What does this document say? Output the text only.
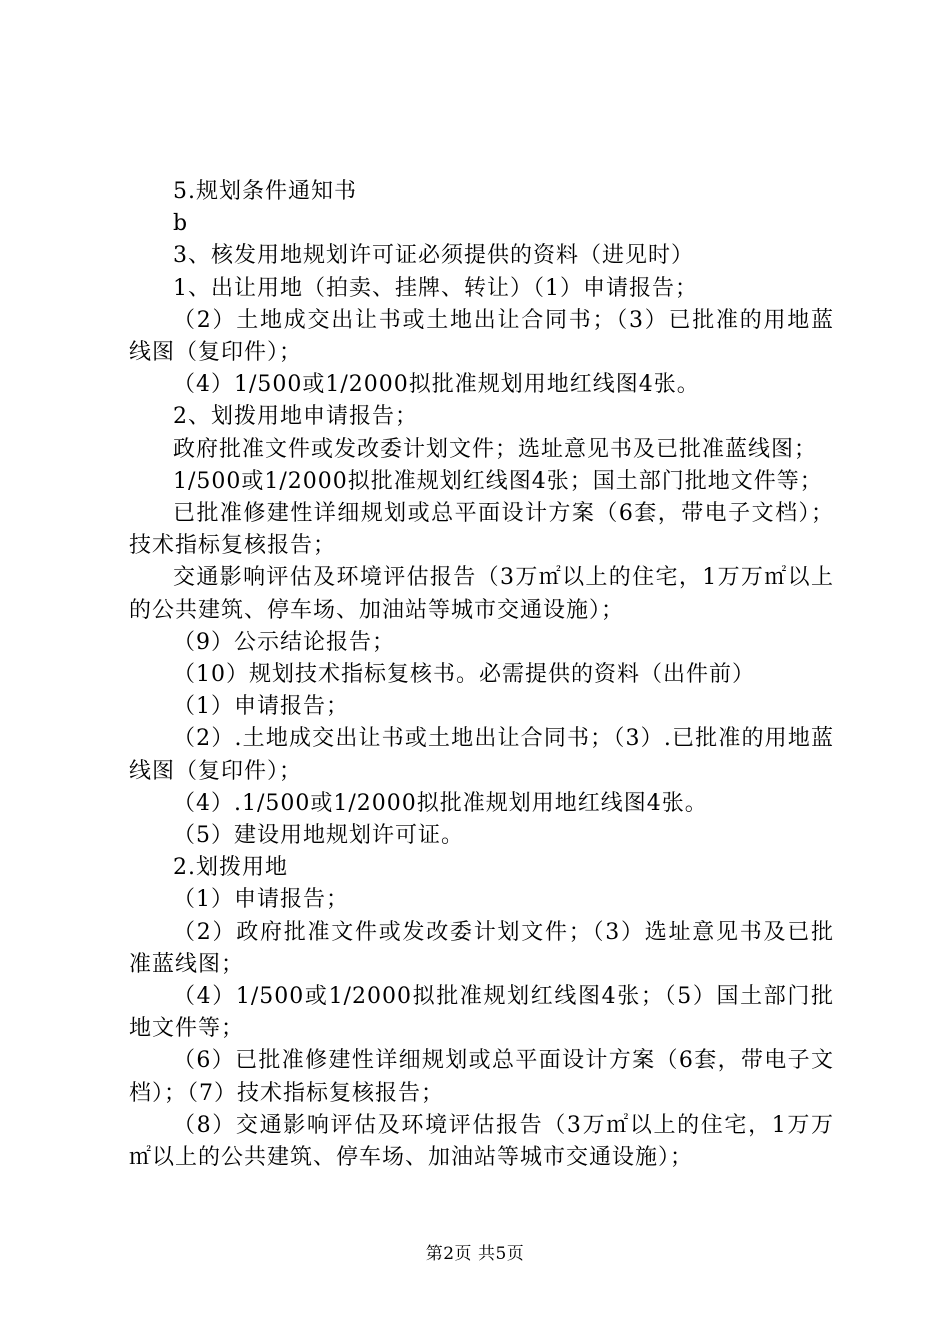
5.规划条件通知书

b

3、核发用地规划许可证必须提供的资料（进见时）

1、出让用地（拍卖、挂牌、转让）（1）申请报告；

（2）土地成交出让书或土地出让合同书；（3）已批准的用地蓝线图（复印件）；

（4）1/500或1/2000拟批准规划用地红线图4张。

2、划拨用地申请报告；

政府批准文件或发改委计划文件；选址意见书及已批准蓝线图；

1/500或1/2000拟批准规划红线图4张；国土部门批地文件等；

已批准修建性详细规划或总平面设计方案（6套，带电子文档）；技术指标复核报告；

交通影响评估及环境评估报告（3万㎡以上的住宅，1万万㎡以上的公共建筑、停车场、加油站等城市交通设施）；

（9）公示结论报告；

（10）规划技术指标复核书。必需提供的资料（出件前）

（1）申请报告；

（2）.土地成交出让书或土地出让合同书；（3）.已批准的用地蓝线图（复印件）；

（4）.1/500或1/2000拟批准规划用地红线图4张。

（5）建设用地规划许可证。

2.划拨用地

（1）申请报告；

（2）政府批准文件或发改委计划文件；（3）选址意见书及已批准蓝线图；

（4）1/500或1/2000拟批准规划红线图4张；（5）国土部门批地文件等；

（6）已批准修建性详细规划或总平面设计方案（6套，带电子文档）；（7）技术指标复核报告；

（8）交通影响评估及环境评估报告（3万㎡以上的住宅，1万万㎡以上的公共建筑、停车场、加油站等城市交通设施）；

第2页 共5页
